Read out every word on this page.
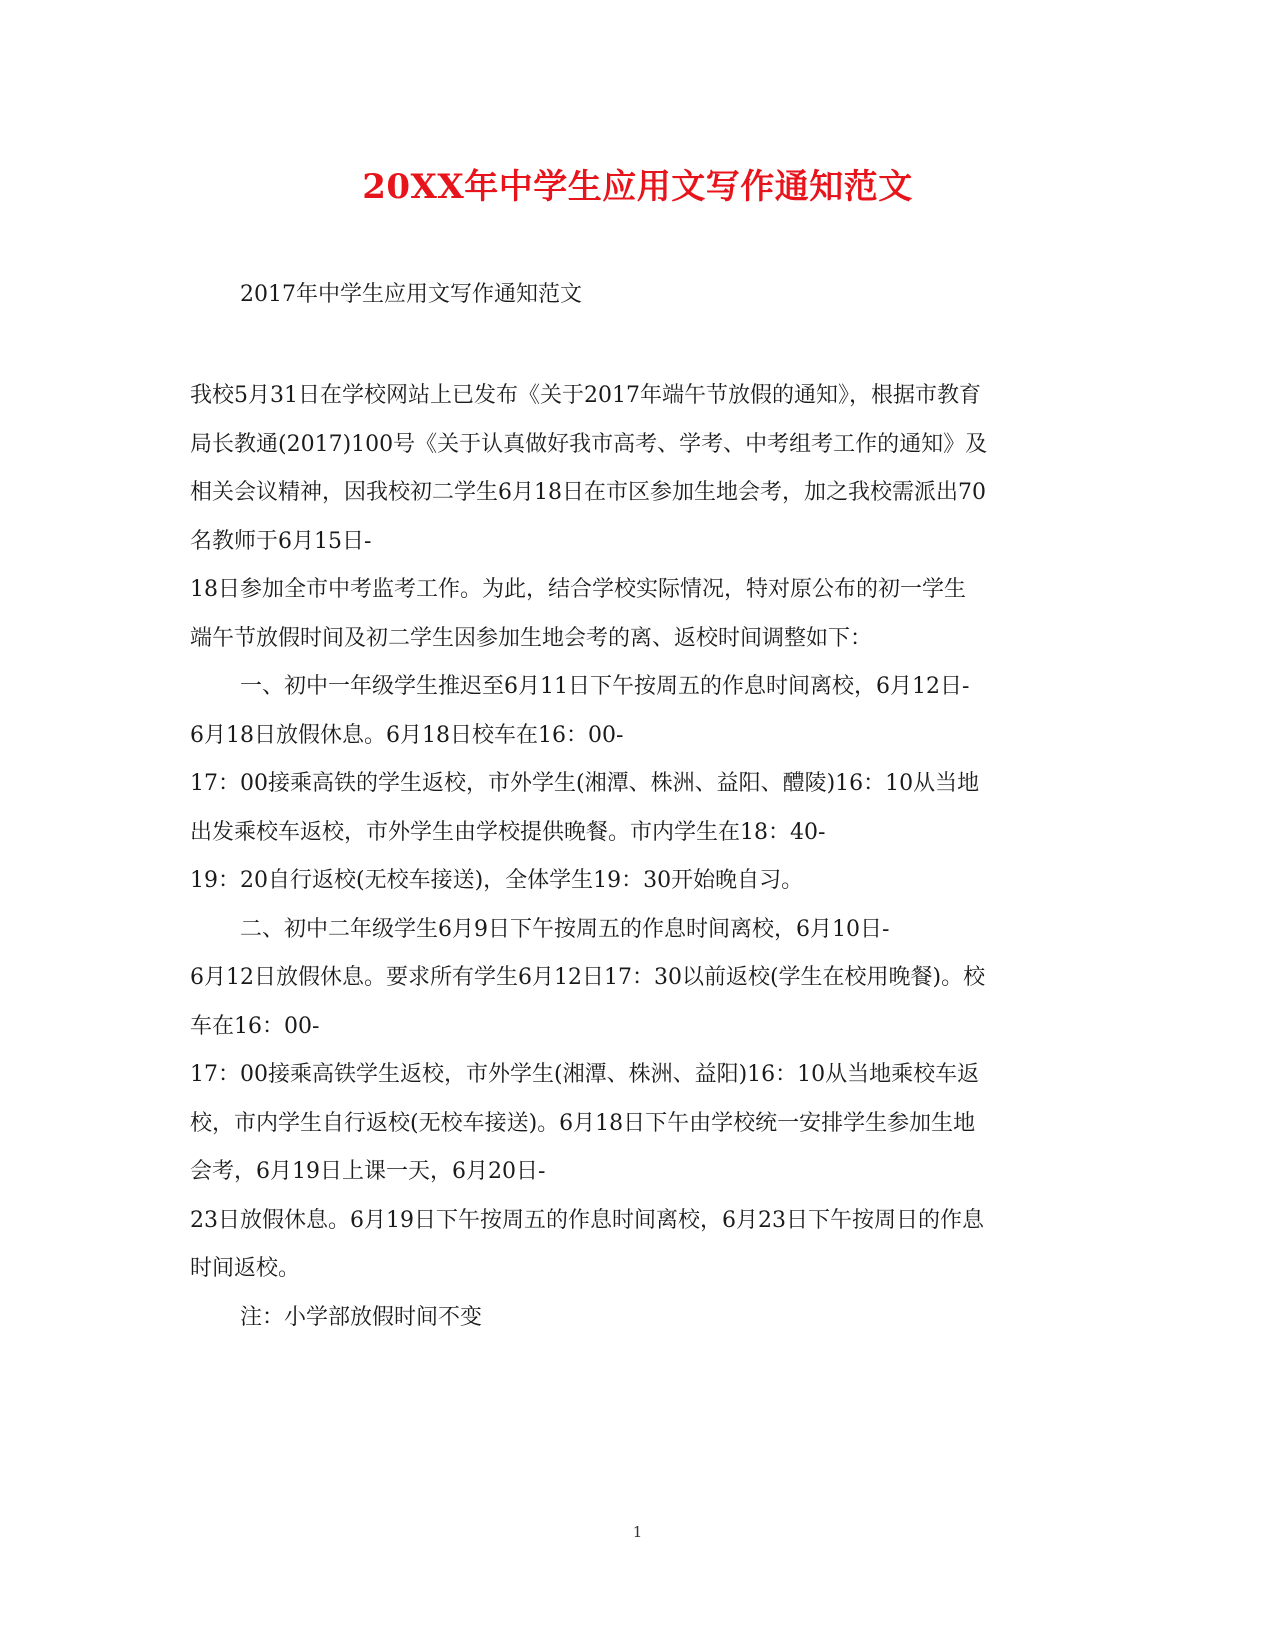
20XX年中学生应用文写作通知范文
2017年中学生应用文写作通知范文
我校5月31日在学校网站上已发布《关于2017年端午节放假的通知》，根据市教育
局长教通(2017)100号《关于认真做好我市高考、学考、中考组考工作的通知》及
相关会议精神，因我校初二学生6月18日在市区参加生地会考，加之我校需派出70
名教师于6月15日-
18日参加全市中考监考工作。为此，结合学校实际情况，特对原公布的初一学生
端午节放假时间及初二学生因参加生地会考的离、返校时间调整如下：
一、初中一年级学生推迟至6月11日下午按周五的作息时间离校，6月12日-
6月18日放假休息。6月18日校车在16：00-
17：00接乘高铁的学生返校，市外学生(湘潭、株洲、益阳、醴陵)16：10从当地
出发乘校车返校，市外学生由学校提供晚餐。市内学生在18：40-
19：20自行返校(无校车接送)，全体学生19：30开始晚自习。
二、初中二年级学生6月9日下午按周五的作息时间离校，6月10日-
6月12日放假休息。要求所有学生6月12日17：30以前返校(学生在校用晚餐)。校
车在16：00-
17：00接乘高铁学生返校，市外学生(湘潭、株洲、益阳)16：10从当地乘校车返
校，市内学生自行返校(无校车接送)。6月18日下午由学校统一安排学生参加生地
会考，6月19日上课一天，6月20日-
23日放假休息。6月19日下午按周五的作息时间离校，6月23日下午按周日的作息
时间返校。
注：小学部放假时间不变
1
